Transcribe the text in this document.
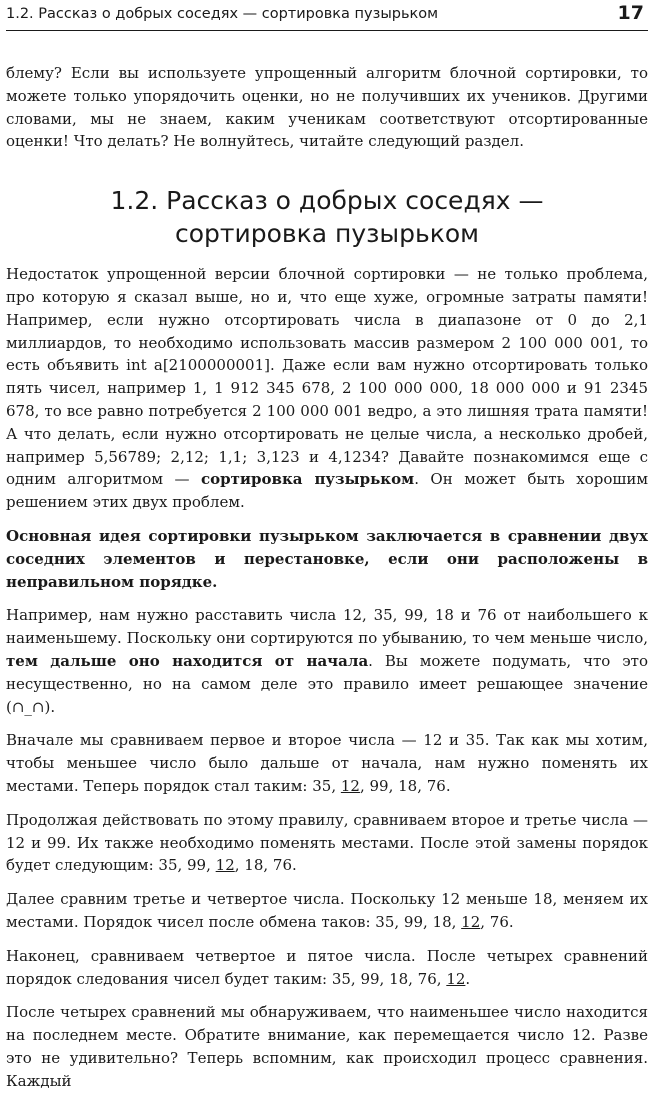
1.2. Рассказ о добрых соседях — сортировка пузырьком	17

блему? Если вы используете упрощенный алгоритм блочной сортировки, то можете только упорядочить оценки, но не получивших их учеников. Другими словами, мы не знаем, каким ученикам соответствуют отсортированные оценки! Что делать? Не волнуйтесь, читайте следующий раздел.

1.2. Рассказ о добрых соседях —
сортировка пузырьком

Недостаток упрощенной версии блочной сортировки — не только проблема, про которую я сказал выше, но и, что еще хуже, огромные затраты памяти! Например, если нужно отсортировать числа в диапазоне от 0 до 2,1 миллиардов, то необходимо использовать массив размером 2 100 000 001, то есть объявить int a[2100000001]. Даже если вам нужно отсортировать только пять чисел, например 1, 1 912 345 678, 2 100 000 000, 18 000 000 и 91 2345 678, то все равно потребуется 2 100 000 001 ведро, а это лишняя трата памяти! А что делать, если нужно отсортировать не целые числа, а несколько дробей, например 5,56789; 2,12; 1,1; 3,123 и 4,1234? Давайте познакомимся еще с одним алгоритмом — сортировка пузырьком. Он может быть хорошим решением этих двух проблем.

Основная идея сортировки пузырьком заключается в сравнении двух соседних элементов и перестановке, если они расположены в неправильном порядке.

Например, нам нужно расставить числа 12, 35, 99, 18 и 76 от наибольшего к наименьшему. Поскольку они сортируются по убыванию, то чем меньше число, тем дальше оно находится от начала. Вы можете подумать, что это несущественно, но на самом деле это правило имеет решающее значение (∩_∩).

Вначале мы сравниваем первое и второе числа — 12 и 35. Так как мы хотим, чтобы меньшее число было дальше от начала, нам нужно поменять их местами. Теперь порядок стал таким: 35, 12, 99, 18, 76.

Продолжая действовать по этому правилу, сравниваем второе и третье числа — 12 и 99. Их также необходимо поменять местами. После этой замены порядок будет следующим: 35, 99, 12, 18, 76.

Далее сравним третье и четвертое числа. Поскольку 12 меньше 18, меняем их местами. Порядок чисел после обмена таков: 35, 99, 18, 12, 76.

Наконец, сравниваем четвертое и пятое числа. После четырех сравнений порядок следования чисел будет таким: 35, 99, 18, 76, 12.

После четырех сравнений мы обнаруживаем, что наименьшее число находится на последнем месте. Обратите внимание, как перемещается число 12. Разве это не удивительно? Теперь вспомним, как происходил процесс сравнения. Каждый
